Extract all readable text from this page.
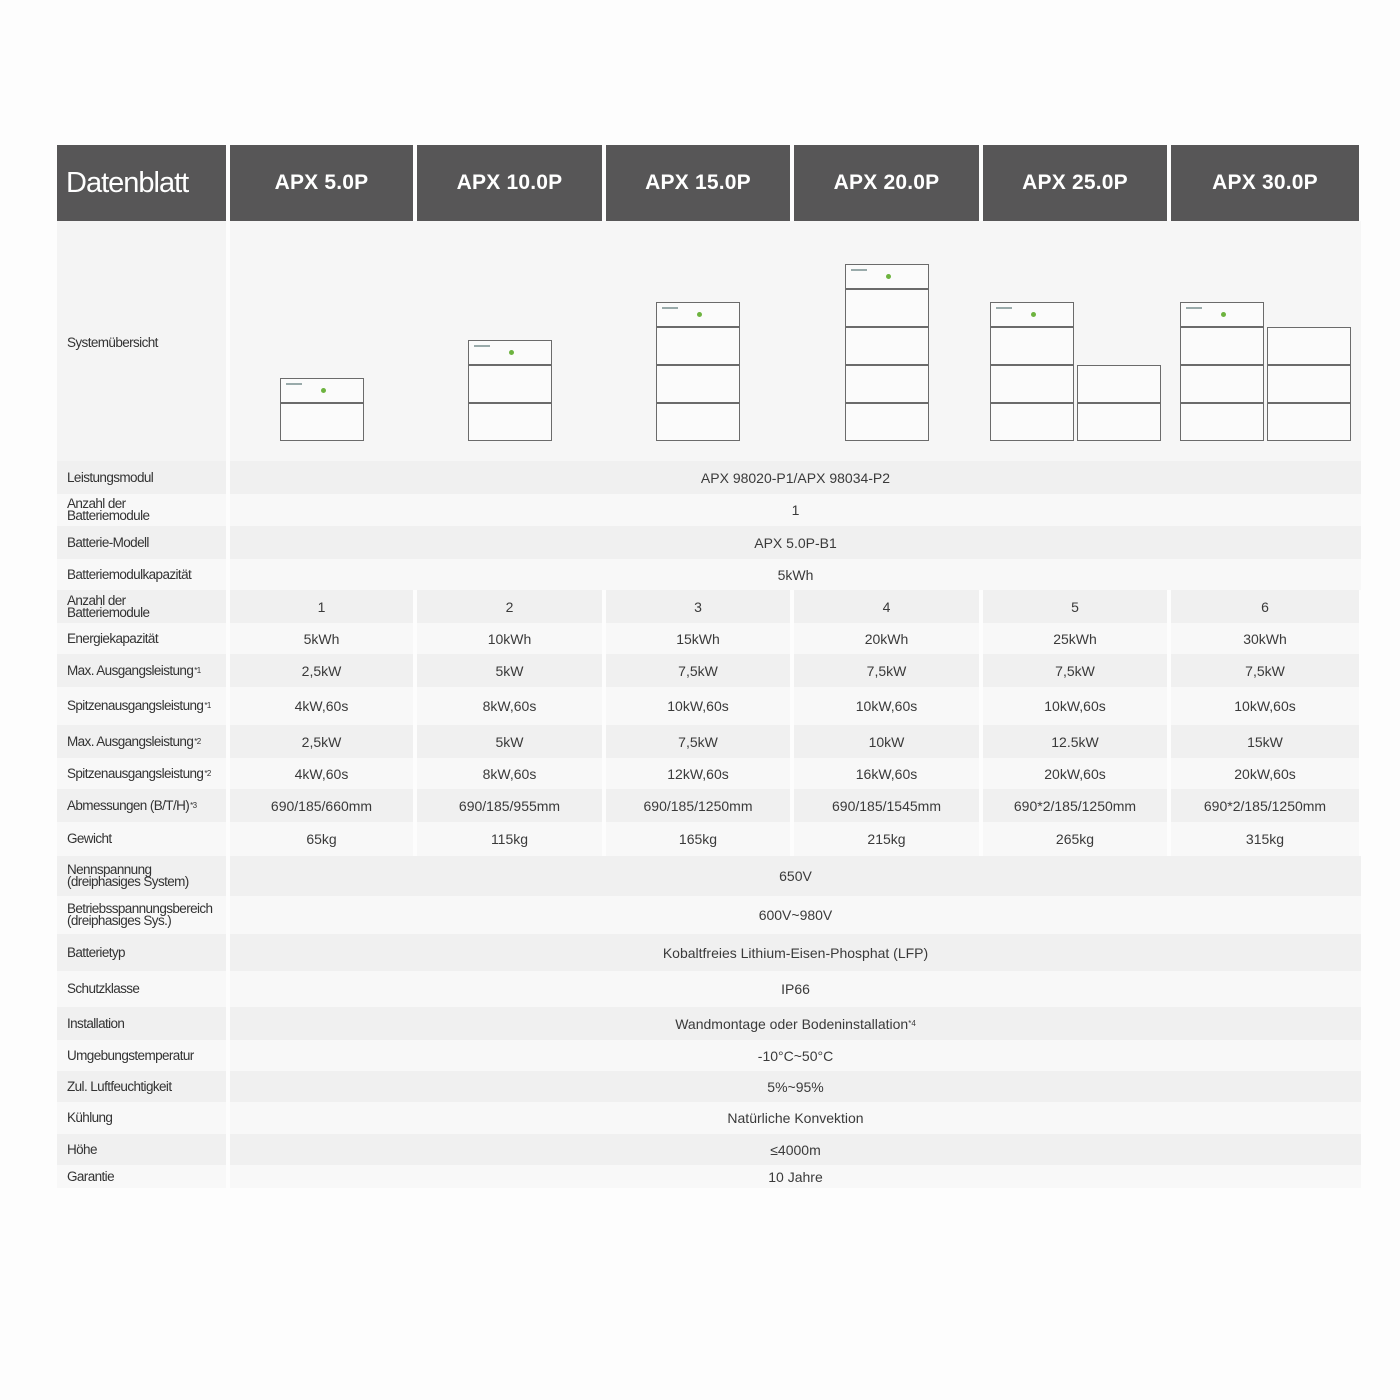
Datenblatt	APX 5.0P	APX 10.0P	APX 15.0P	APX 20.0P	APX 25.0P	APX 30.0P
Systemübersicht
Leistungsmodul	APX 98020-P1/APX 98034-P2
Anzahl der
Batteriemodule	1
Batterie-Modell	APX 5.0P-B1
Batteriemodulkapazität	5kWh
Anzahl der
Batteriemodule	1	2	3	4	5	6
Energiekapazität	5kWh	10kWh	15kWh	20kWh	25kWh	30kWh
Max. Ausgangsleistung *1	2,5kW	5kW	7,5kW	7,5kW	7,5kW	7,5kW
Spitzenausgangsleistung *1	4kW,60s	8kW,60s	10kW,60s	10kW,60s	10kW,60s	10kW,60s
Max. Ausgangsleistung *2	2,5kW	5kW	7,5kW	10kW	12.5kW	15kW
Spitzenausgangsleistung *2	4kW,60s	8kW,60s	12kW,60s	16kW,60s	20kW,60s	20kW,60s
Abmessungen (B/T/H) *3	690/185/660mm	690/185/955mm	690/185/1250mm	690/185/1545mm	690*2/185/1250mm	690*2/185/1250mm
Gewicht	65kg	115kg	165kg	215kg	265kg	315kg
Nennspannung
(dreiphasiges System)	650V
Betriebsspannungsbereich
(dreiphasiges Sys.)	600V~980V
Batterietyp	Kobaltfreies Lithium-Eisen-Phosphat (LFP)
Schutzklasse	IP66
Installation	Wandmontage oder Bodeninstallation *4
Umgebungstemperatur	-10°C~50°C
Zul. Luftfeuchtigkeit	5%~95%
Kühlung	Natürliche Konvektion
Höhe	≤4000m
Garantie	10 Jahre
